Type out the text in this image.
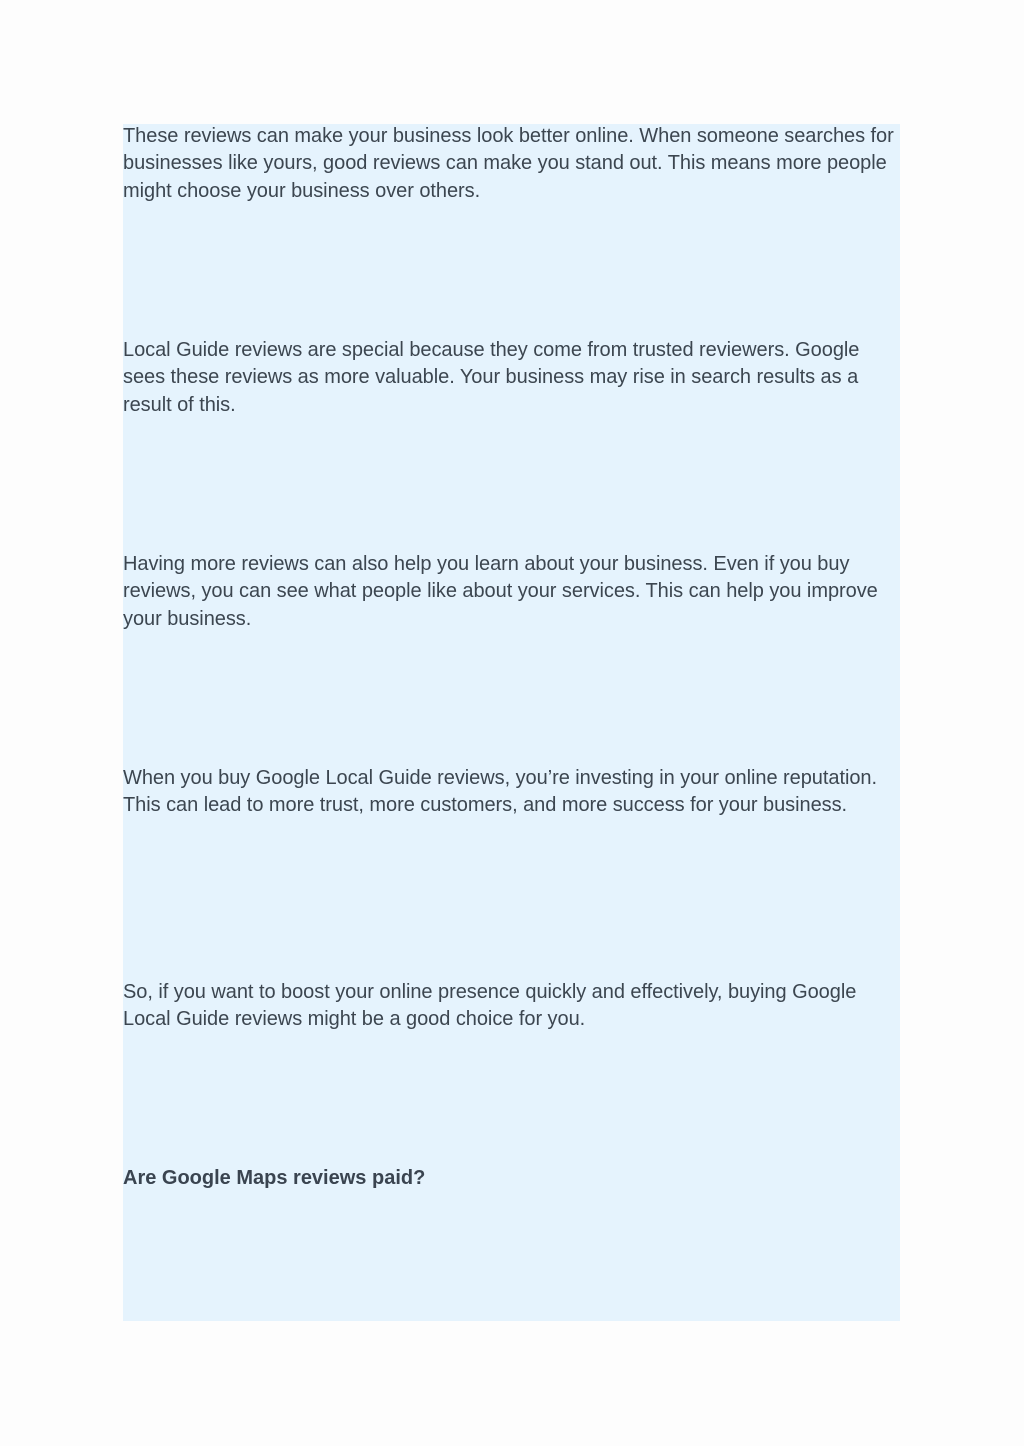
These reviews can make your business look better online. When someone searches for businesses like yours, good reviews can make you stand out. This means more people might choose your business over others.

Local Guide reviews are special because they come from trusted reviewers. Google sees these reviews as more valuable. Your business may rise in search results as a result of this.

Having more reviews can also help you learn about your business. Even if you buy reviews, you can see what people like about your services. This can help you improve your business.

When you buy Google Local Guide reviews, you’re investing in your online reputation. This can lead to more trust, more customers, and more success for your business.

So, if you want to boost your online presence quickly and effectively, buying Google Local Guide reviews might be a good choice for you.

Are Google Maps reviews paid?
